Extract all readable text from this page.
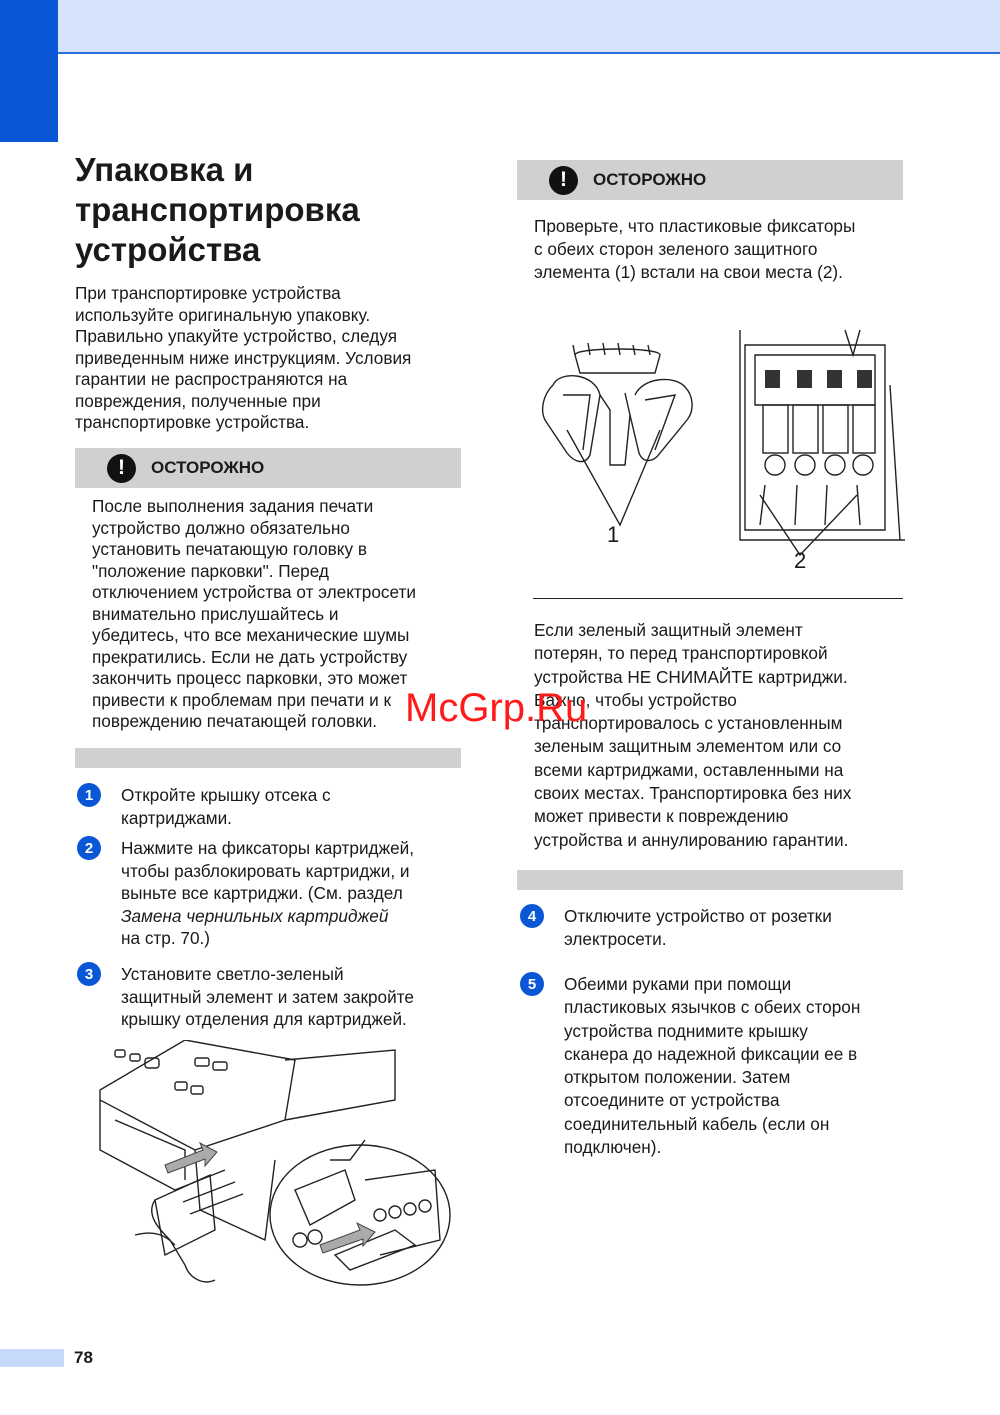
Упаковка и
транспортировка
устройства

При транспортировке устройства
используйте оригинальную упаковку.
Правильно упакуйте устройство, следуя
приведенным ниже инструкциям. Условия
гарантии не распространяются на
повреждения, полученные при
транспортировке устройства.

!	ОСТОРОЖНО

После выполнения задания печати
устройство должно обязательно
установить печатающую головку в
"положение парковки". Перед
отключением устройства от электросети
внимательно прислушайтесь и
убедитесь, что все механические шумы
прекратились. Если не дать устройству
закончить процесс парковки, это может
привести к проблемам при печати и к
повреждению печатающей головки.

1	Откройте крышку отсека с
картриджами.
2	Нажмите на фиксаторы картриджей,
чтобы разблокировать картриджи, и
выньте все картриджи. (См. раздел
Замена чернильных картриджей
на стр. 70.)
3	Установите светло-зеленый
защитный элемент и затем закройте
крышку отделения для картриджей.
!	ОСТОРОЖНО

Проверьте, что пластиковые фиксаторы
с обеих сторон зеленого защитного
элемента (1) встали на свои места (2).

1
2

Если зеленый защитный элемент
потерян, то перед транспортировкой
устройства НЕ СНИМАЙТЕ картриджи.
Важно, чтобы устройство
транспортировалось с установленным
зеленым защитным элементом или со
всеми картриджами, оставленными на
своих местах. Транспортировка без них
может привести к повреждению
устройства и аннулированию гарантии.

4	Отключите устройство от розетки
электросети.
5	Обеими руками при помощи
пластиковых язычков с обеих сторон
устройства поднимите крышку
сканера до надежной фиксации ее в
открытом положении. Затем
отсоедините от устройства
соединительный кабель (если он
подключен).
McGrp.Ru
78
